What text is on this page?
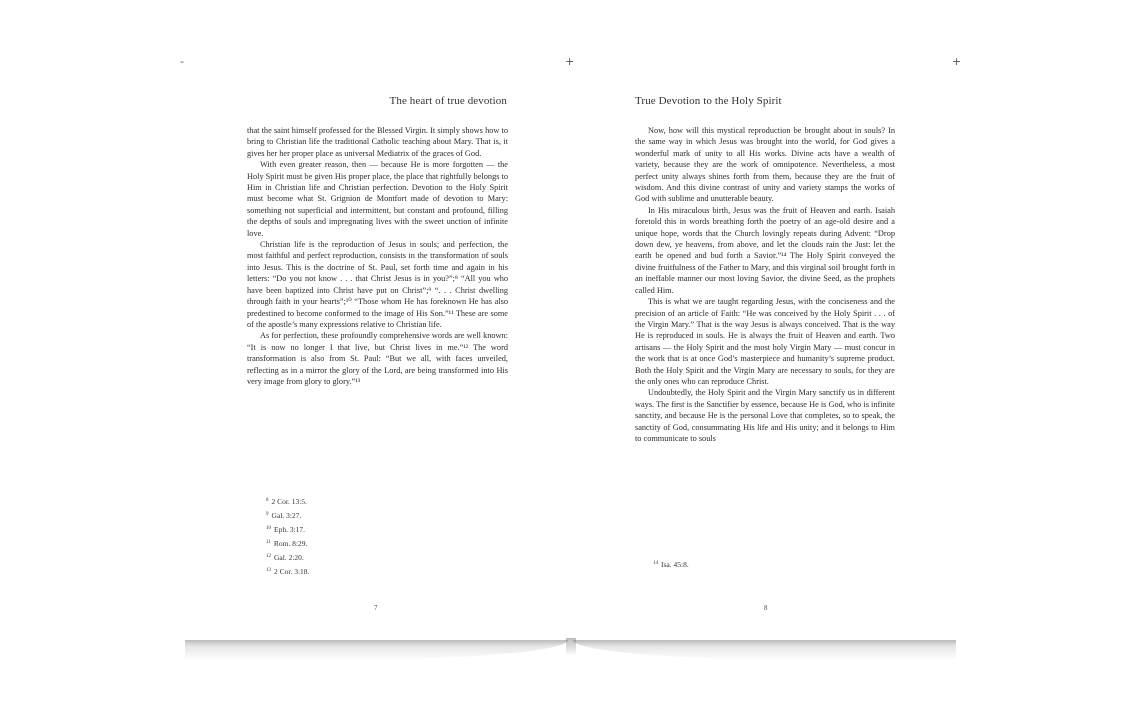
-	+	+
The heart of true devotion

that the saint himself professed for the Blessed Virgin. It simply shows how to bring to Christian life the traditional Catholic teaching about Mary. That is, it gives her her proper place as universal Mediatrix of the graces of God.

With even greater reason, then — because He is more forgotten — the Holy Spirit must be given His proper place, the place that rightfully belongs to Him in Christian life and Christian perfection. Devotion to the Holy Spirit must become what St. Grignion de Montfort made of devotion to Mary: something not superficial and intermittent, but constant and profound, filling the depths of souls and impregnating lives with the sweet unction of infinite love.

Christian life is the reproduction of Jesus in souls; and perfection, the most faithful and perfect reproduction, consists in the transformation of souls into Jesus. This is the doctrine of St. Paul, set forth time and again in his letters: “Do you not know . . . that Christ Jesus is in you?”;⁸ “All you who have been baptized into Christ have put on Christ”;⁹ “. . . Christ dwelling through faith in your hearts”;¹⁰ “Those whom He has foreknown He has also predestined to become conformed to the image of His Son.”¹¹ These are some of the apostle’s many expressions relative to Christian life.

As for perfection, these profoundly comprehensive words are well known: “It is now no longer I that live, but Christ lives in me.”¹² The word transformation is also from St. Paul: “But we all, with faces unveiled, reflecting as in a mirror the glory of the Lord, are being transformed into His very image from glory to glory.”¹³

$^8$ 2 Cor. 13:5.
$^9$ Gal. 3:27.
$^{10}$ Eph. 3:17.
$^{11}$ Rom. 8:29.
$^{12}$ Gal. 2:20.
$^{13}$ 2 Cor. 3:18.
7
True Devotion to the Holy Spirit

Now, how will this mystical reproduction be brought about in souls? In the same way in which Jesus was brought into the world, for God gives a wonderful mark of unity to all His works. Divine acts have a wealth of variety, because they are the work of omnipotence. Nevertheless, a most perfect unity always shines forth from them, because they are the fruit of wisdom. And this divine contrast of unity and variety stamps the works of God with sublime and unutterable beauty.

In His miraculous birth, Jesus was the fruit of Heaven and earth. Isaiah foretold this in words breathing forth the poetry of an age-old desire and a unique hope, words that the Church lovingly repeats during Advent: “Drop down dew, ye heavens, from above, and let the clouds rain the Just: let the earth be opened and bud forth a Savior.”¹⁴ The Holy Spirit conveyed the divine fruitfulness of the Father to Mary, and this virginal soil brought forth in an ineffable manner our most loving Savior, the divine Seed, as the prophets called Him.

This is what we are taught regarding Jesus, with the conciseness and the precision of an article of Faith: “He was conceived by the Holy Spirit . . . of the Virgin Mary.” That is the way Jesus is always conceived. That is the way He is reproduced in souls. He is always the fruit of Heaven and earth. Two artisans — the Holy Spirit and the most holy Virgin Mary — must concur in the work that is at once God’s masterpiece and humanity’s supreme product. Both the Holy Spirit and the Virgin Mary are necessary to souls, for they are the only ones who can reproduce Christ.

Undoubtedly, the Holy Spirit and the Virgin Mary sanctify us in different ways. The first is the Sanctifier by essence, because He is God, who is infinite sanctity, and because He is the personal Love that completes, so to speak, the sanctity of God, consummating His life and His unity; and it belongs to Him to communicate to souls

$^{14}$ Isa. 45:8.
8
